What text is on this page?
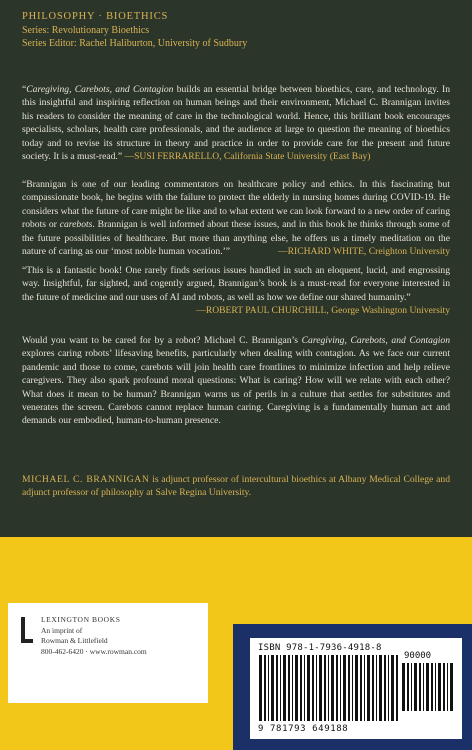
PHILOSOPHY · BIOETHICS
Series: Revolutionary Bioethics
Series Editor: Rachel Haliburton, University of Sudbury
“Caregiving, Carebots, and Contagion builds an essential bridge between bioethics, care, and technology. In this insightful and inspiring reflection on human beings and their environment, Michael C. Brannigan invites his readers to consider the meaning of care in the technological world. Hence, this brilliant book encourages specialists, scholars, health care professionals, and the audience at large to question the meaning of bioethics today and to revise its structure in theory and practice in order to provide care for the present and future society. It is a must-read.” —SUSI FERRARELLO, California State University (East Bay)
“Brannigan is one of our leading commentators on healthcare policy and ethics. In this fascinating but compassionate book, he begins with the failure to protect the elderly in nursing homes during COVID-19. He considers what the future of care might be like and to what extent we can look forward to a new order of caring robots or carebots. Brannigan is well informed about these issues, and in this book he thinks through some of the future possibilities of healthcare. But more than anything else, he offers us a timely meditation on the nature of caring as our ‘most noble human vocation.’”	—RICHARD WHITE, Creighton University
“This is a fantastic book! One rarely finds serious issues handled in such an eloquent, lucid, and engrossing way. Insightful, far sighted, and cogently argued, Brannigan’s book is a must-read for everyone interested in the future of medicine and our uses of AI and robots, as well as how we define our shared humanity.”
—ROBERT PAUL CHURCHILL, George Washington University
Would you want to be cared for by a robot? Michael C. Brannigan’s Caregiving, Carebots, and Contagion explores caring robots’ lifesaving benefits, particularly when dealing with contagion. As we face our current pandemic and those to come, carebots will join health care frontlines to minimize infection and help relieve caregivers. They also spark profound moral questions: What is caring? How will we relate with each other? What does it mean to be human? Brannigan warns us of perils in a culture that settles for substitutes and venerates the screen. Carebots cannot replace human caring. Caregiving is a fundamentally human act and demands our embodied, human-to-human presence.
MICHAEL C. BRANNIGAN is adjunct professor of intercultural bioethics at Albany Medical College and adjunct professor of philosophy at Salve Regina University.
LEXINGTON BOOKS
An imprint of
Rowman & Littlefield
800-462-6420 · www.rowman.com	ISBN 978-1-7936-4918-8
90000
9 781793 649188
